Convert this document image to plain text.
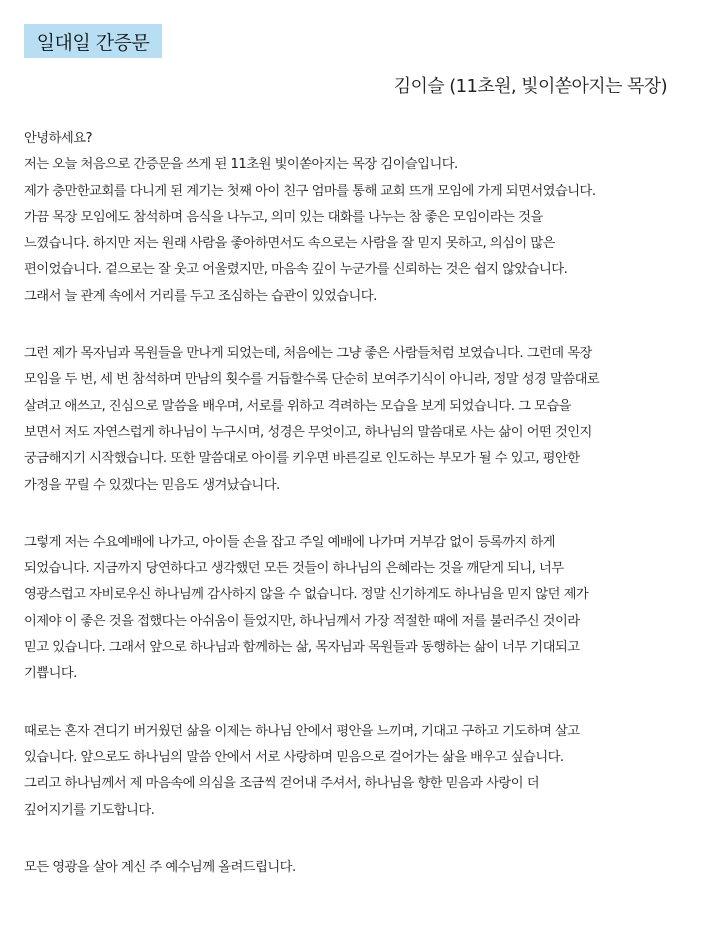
일대일 간증문
김이슬 (11초원, 빛이쏟아지는 목장)
안녕하세요?
저는 오늘 처음으로 간증문을 쓰게 된 11초원 빛이쏟아지는 목장 김이슬입니다.
제가 충만한교회를 다니게 된 계기는 첫째 아이 친구 엄마를 통해 교회 뜨개 모임에 가게 되면서였습니다.
가끔 목장 모임에도 참석하며 음식을 나누고, 의미 있는 대화를 나누는 참 좋은 모임이라는 것을
느꼈습니다. 하지만 저는 원래 사람을 좋아하면서도 속으로는 사람을 잘 믿지 못하고, 의심이 많은
편이었습니다. 겉으로는 잘 웃고 어울렸지만, 마음속 깊이 누군가를 신뢰하는 것은 쉽지 않았습니다.
그래서 늘 관계 속에서 거리를 두고 조심하는 습관이 있었습니다.
그런 제가 목자님과 목원들을 만나게 되었는데, 처음에는 그냥 좋은 사람들처럼 보였습니다. 그런데 목장
모임을 두 번, 세 번 참석하며 만남의 횟수를 거듭할수록 단순히 보여주기식이 아니라, 정말 성경 말씀대로
살려고 애쓰고, 진심으로 말씀을 배우며, 서로를 위하고 격려하는 모습을 보게 되었습니다. 그 모습을
보면서 저도 자연스럽게 하나님이 누구시며, 성경은 무엇이고, 하나님의 말씀대로 사는 삶이 어떤 것인지
궁금해지기 시작했습니다. 또한 말씀대로 아이를 키우면 바른길로 인도하는 부모가 될 수 있고, 평안한
가정을 꾸릴 수 있겠다는 믿음도 생겨났습니다.
그렇게 저는 수요예배에 나가고, 아이들 손을 잡고 주일 예배에 나가며 거부감 없이 등록까지 하게
되었습니다. 지금까지 당연하다고 생각했던 모든 것들이 하나님의 은혜라는 것을 깨닫게 되니, 너무
영광스럽고 자비로우신 하나님께 감사하지 않을 수 없습니다. 정말 신기하게도 하나님을 믿지 않던 제가
이제야 이 좋은 것을 접했다는 아쉬움이 들었지만, 하나님께서 가장 적절한 때에 저를 불러주신 것이라
믿고 있습니다. 그래서 앞으로 하나님과 함께하는 삶, 목자님과 목원들과 동행하는 삶이 너무 기대되고
기쁩니다.
때로는 혼자 견디기 버거웠던 삶을 이제는 하나님 안에서 평안을 느끼며, 기대고 구하고 기도하며 살고
있습니다. 앞으로도 하나님의 말씀 안에서 서로 사랑하며 믿음으로 걸어가는 삶을 배우고 싶습니다.
그리고 하나님께서 제 마음속에 의심을 조금씩 걷어내 주셔서, 하나님을 향한 믿음과 사랑이 더
깊어지기를 기도합니다.
모든 영광을 살아 계신 주 예수님께 올려드립니다.
